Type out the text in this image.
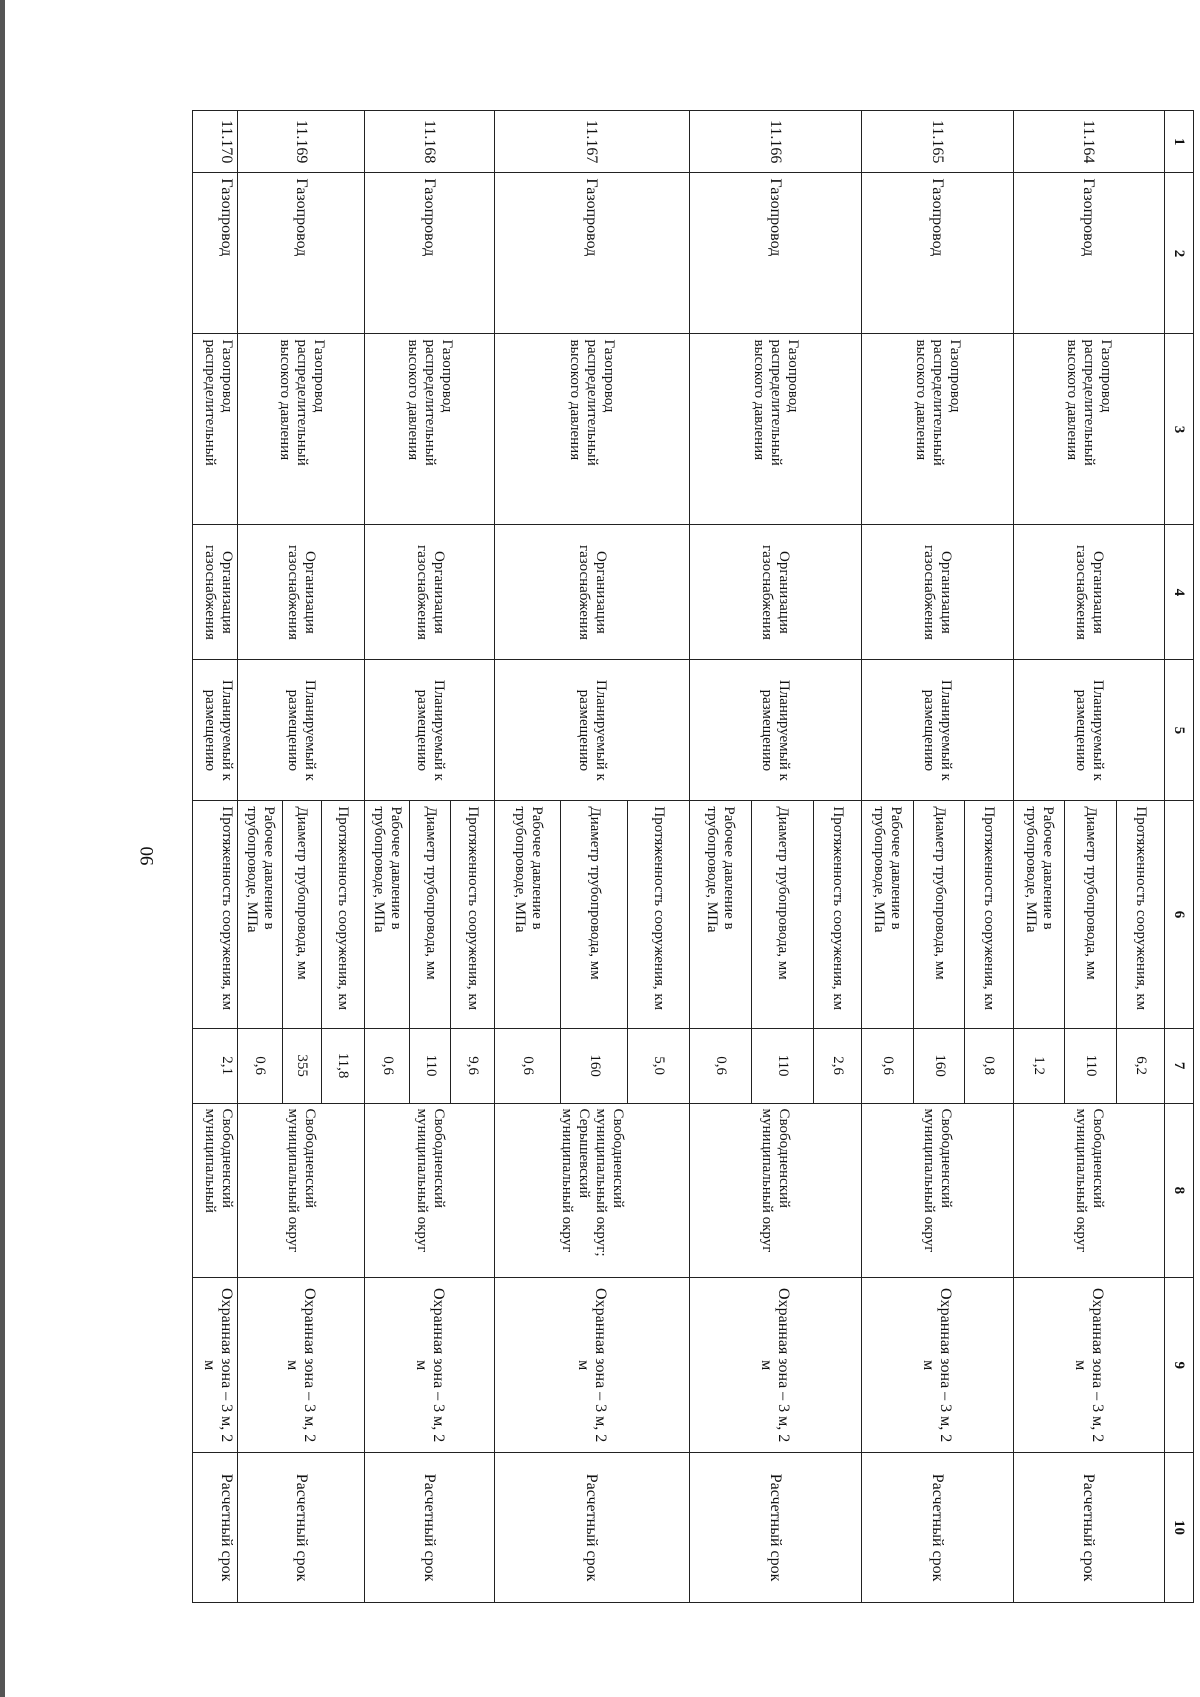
90
1	2	3	4	5	6	7	8	9	10
11.164	Газопровод	Газопровод распределительный высокого давления	Организация газоснабжения	Планируемый к размещению	Протяженность сооружения, км	6,2	Свободненский муниципальный округ	Охранная зона – 3 м, 2 м	Расчетный срок
					Диаметр трубопровода, мм	110			
					Рабочее давление в трубопроводе, МПа	1,2			
11.165	Газопровод	Газопровод распределительный высокого давления	Организация газоснабжения	Планируемый к размещению	Протяженность сооружения, км	0,8	Свободненский муниципальный округ	Охранная зона – 3 м, 2 м	Расчетный срок
					Диаметр трубопровода, мм	160			
					Рабочее давление в трубопроводе, МПа	0,6			
11.166	Газопровод	Газопровод распределительный высокого давления	Организация газоснабжения	Планируемый к размещению	Протяженность сооружения, км	2,6	Свободненский муниципальный округ	Охранная зона – 3 м, 2 м	Расчетный срок
					Диаметр трубопровода, мм	110			
					Рабочее давление в трубопроводе, МПа	0,6			
11.167	Газопровод	Газопровод распределительный высокого давления	Организация газоснабжения	Планируемый к размещению	Протяженность сооружения, км	5,0	Свободненский муниципальный округ; Серышевский муниципальный округ	Охранная зона – 3 м, 2 м	Расчетный срок
					Диаметр трубопровода, мм	160			
					Рабочее давление в трубопроводе, МПа	0,6			
11.168	Газопровод	Газопровод распределительный высокого давления	Организация газоснабжения	Планируемый к размещению	Протяженность сооружения, км	9,6	Свободненский муниципальный округ	Охранная зона – 3 м, 2 м	Расчетный срок
					Диаметр трубопровода, мм	110			
					Рабочее давление в трубопроводе, МПа	0,6			
11.169	Газопровод	Газопровод распределительный высокого давления	Организация газоснабжения	Планируемый к размещению	Протяженность сооружения, км	11,8	Свободненский муниципальный округ	Охранная зона – 3 м, 2 м	Расчетный срок
					Диаметр трубопровода, мм	355			
					Рабочее давление в трубопроводе, МПа	0,6			
11.170	Газопровод	Газопровод распределительный	Организация газоснабжения	Планируемый к размещению	Протяженность сооружения, км	2,1	Свободненский муниципальный	Охранная зона – 3 м, 2 м	Расчетный срок
